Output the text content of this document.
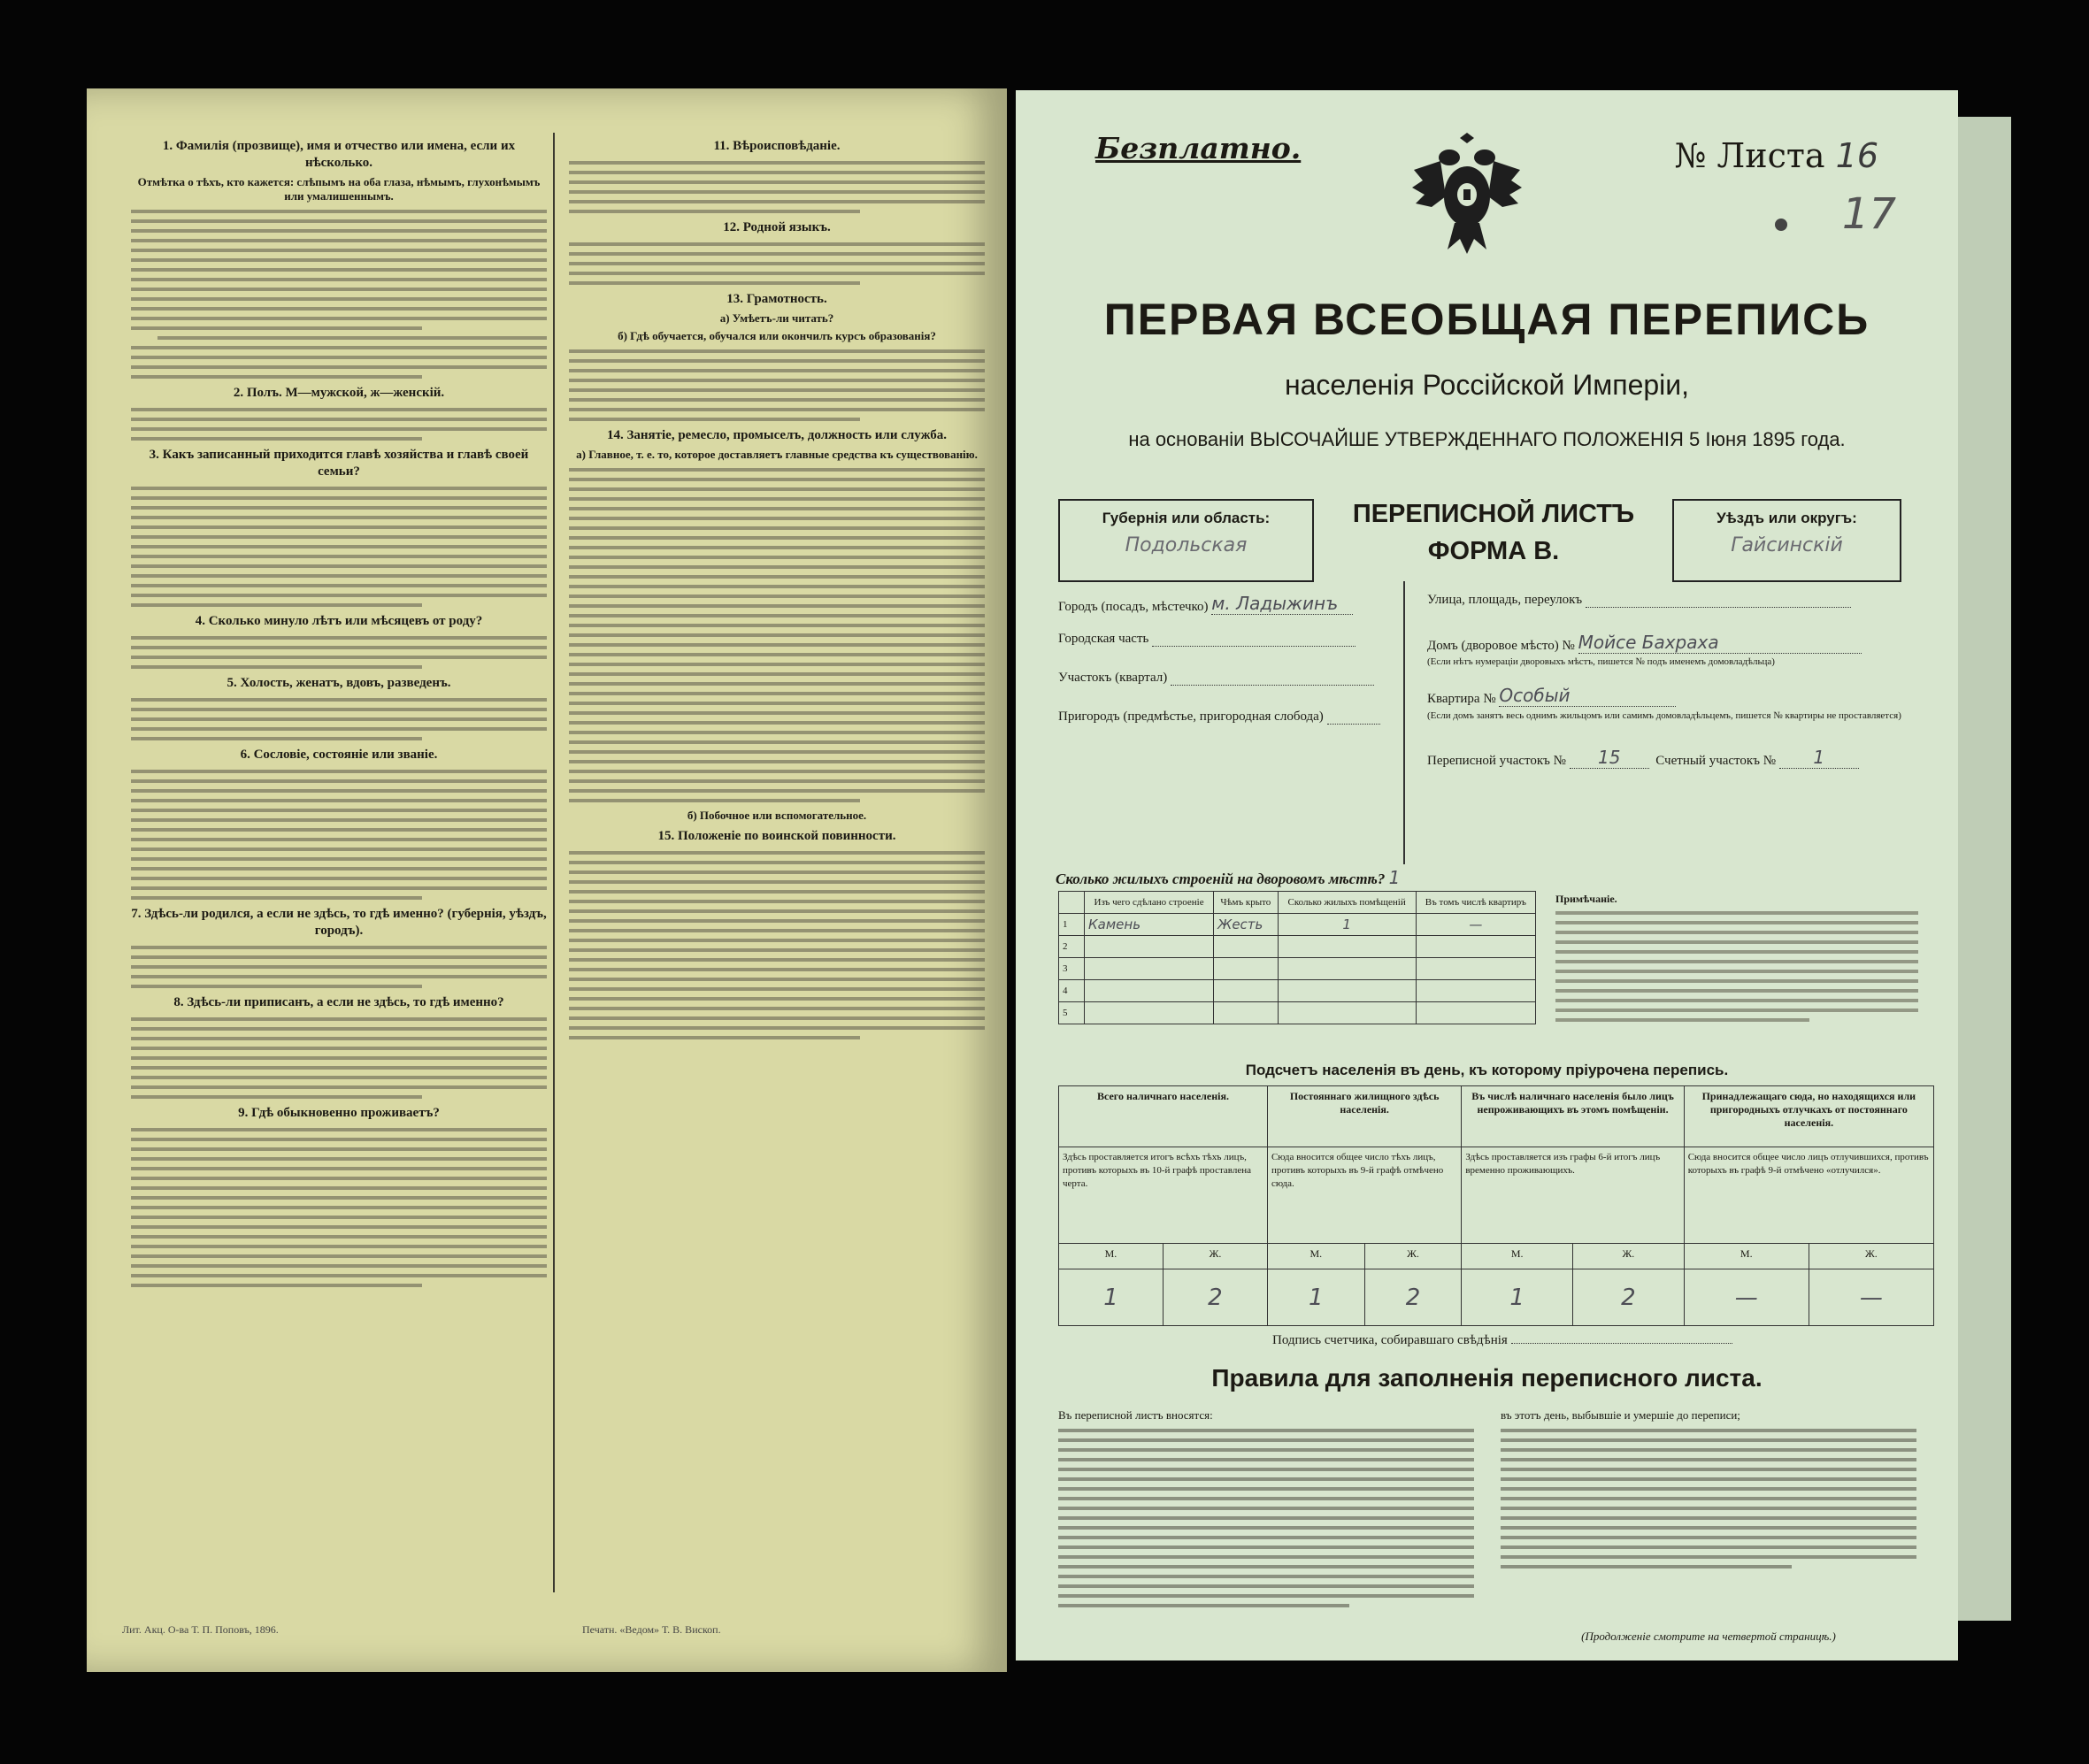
1. Фамилія (прозвище), имя и отчество или имена, если их нѣсколько.
Отмѣтка о тѣхъ, кто кажется: слѣпымъ на оба глаза, нѣмымъ, глухонѣмымъ или умалишеннымъ.
2. Полъ. М—мужской, ж—женскій.
3. Какъ записанный приходится главѣ хозяйства и главѣ своей семьи?
4. Сколько минуло лѣтъ или мѣсяцевъ от роду?
5. Холость, женатъ, вдовъ, разведенъ.
6. Сословіе, состояніе или званіе.
7. Здѣсь-ли родился, а если не здѣсь, то гдѣ именно? (губернія, уѣздъ, городъ).
8. Здѣсь-ли приписанъ, а если не здѣсь, то гдѣ именно?
9. Гдѣ обыкновенно проживаетъ?
11. Вѣроисповѣданіе.
12. Родной языкъ.
13. Грамотность.
а) Умѣетъ-ли читать?
б) Гдѣ обучается, обучался или окончилъ курсъ образованія?
14. Занятіе, ремесло, промыселъ, должность или служба.
а) Главное, т. е. то, которое доставляетъ главные средства къ существованію.
б) Побочное или вспомогательное.
15. Положеніе по воинской повинности.
Лит. Акц. О-ва Т. П. Поповъ, 1896.	Печатн. «Ведом» Т. В. Вископ.
Безплатно.	№ Листа 16
17
ПЕРВАЯ ВСЕОБЩАЯ ПЕРЕПИСЬ
населенія Россійской Имперіи,
на основаніи ВЫСОЧАЙШЕ УТВЕРЖДЕННАГО ПОЛОЖЕНІЯ 5 Іюня 1895 года.
Губернія или область:
Подольская
ПЕРЕПИСНОЙ ЛИСТЪ
ФОРМА В.
Уѣздъ или округъ:
Гайсинскій
Городъ (посадъ, мѣстечко) м. Ладыжинъ
Городская часть
Участокъ (квартал)
Пригородъ (предмѣстье, пригородная слобода)
Улица, площадь, переулокъ
Домъ (дворовое мѣсто) № Мойсе Бахраха
(Если нѣтъ нумераціи дворовыхъ мѣстъ, пишется № подъ именемъ домовладѣльца)
Квартира № Особый
(Если домъ занятъ весь однимъ жильцомъ или самимъ домовладѣльцемъ, пишется № квартиры не проставляется)
Переписной участокъ № 15	Счетный участокъ № 1
Сколько жилыхъ строеній на дворовомъ мѣстѣ? 1
	Изъ чего сдѣлано строеніе	Чѣмъ крыто	Сколько жилыхъ помѣщеній	Въ томъ числѣ квартиръ
1	Камень	Жесть	1	—
2				
3				
4				
5				
Примѣчаніе.
Подсчетъ населенія въ день, къ которому пріурочена перепись.
Всего наличнаго населенія.		Постояннаго жилищного здѣсь населенія.		Въ числѣ наличнаго населенія было лицъ непроживающихъ въ этомъ помѣщеніи.		Принадлежащаго сюда, но находящихся или пригородныхъ отлучкахъ от постояннаго населенія.	
Здѣсь проставляется итогъ всѣхъ тѣхъ лицъ, противъ которыхъ въ 10-й графѣ проставлена черта.		Сюда вносится общее число тѣхъ лицъ, противъ которыхъ въ 9-й графѣ отмѣчено сюда.		Здѣсь проставляется изъ графы 6-й итогъ лицъ временно проживающихъ.		Сюда вносится общее число лицъ отлучившихся, противъ которыхъ въ графѣ 9-й отмѣчено «отлучился».	
М.	Ж.	М.	Ж.	М.	Ж.	М.	Ж.
1	2	1	2	1	2	—	—
Подпись счетчика, собиравшаго свѣдѣнія
Правила для заполненія переписного листа.
Въ переписной листъ вносятся:	въ этотъ день, выбывшіе и умершіе до переписи;
(Продолженіе смотрите на четвертой страницѣ.)
